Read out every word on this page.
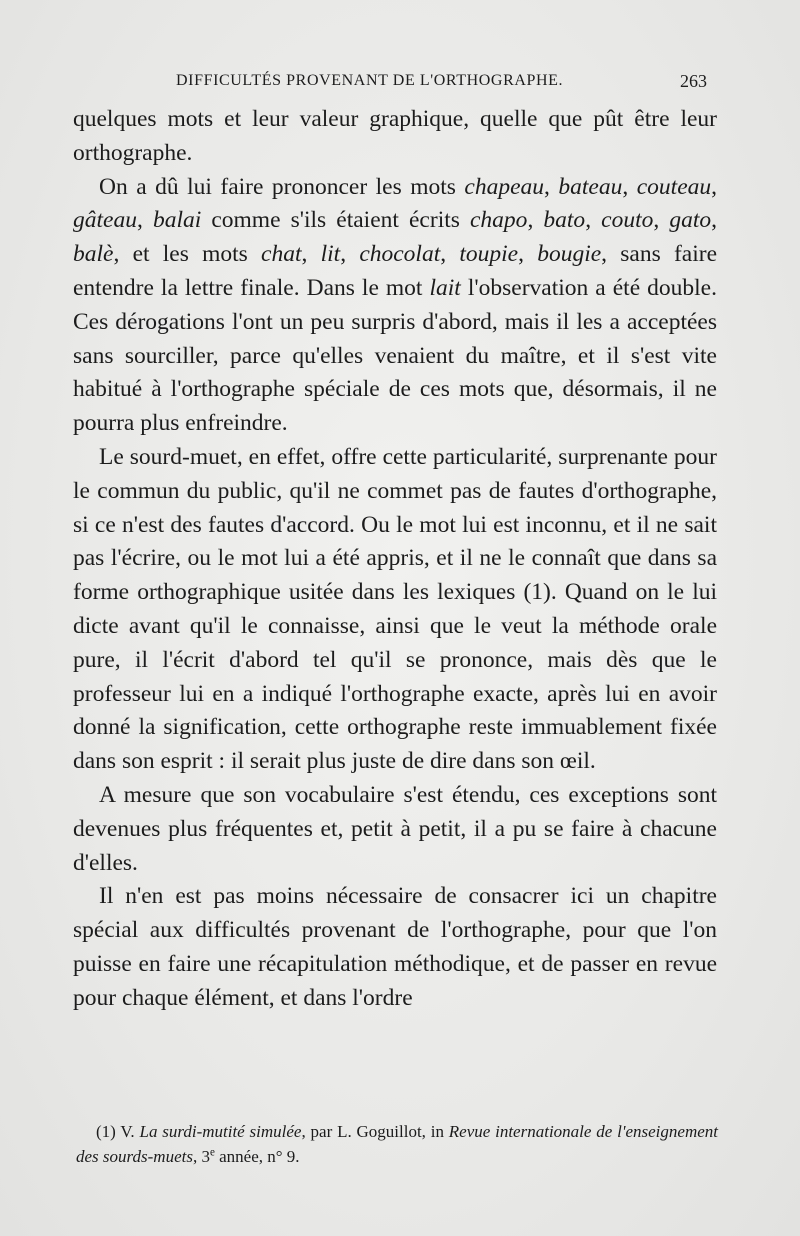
DIFFICULTÉS PROVENANT DE L'ORTHOGRAPHE.	263

quelques mots et leur valeur graphique, quelle que pût être leur orthographe.

On a dû lui faire prononcer les mots chapeau, bateau, couteau, gâteau, balai comme s'ils étaient écrits chapo, bato, couto, gato, balè, et les mots chat, lit, chocolat, toupie, bougie, sans faire entendre la lettre finale. Dans le mot lait l'observation a été double. Ces dérogations l'ont un peu surpris d'abord, mais il les a acceptées sans sourciller, parce qu'elles venaient du maître, et il s'est vite habitué à l'orthographe spéciale de ces mots que, désormais, il ne pourra plus enfreindre.

Le sourd-muet, en effet, offre cette particularité, surprenante pour le commun du public, qu'il ne commet pas de fautes d'orthographe, si ce n'est des fautes d'accord. Ou le mot lui est inconnu, et il ne sait pas l'écrire, ou le mot lui a été appris, et il ne le connaît que dans sa forme orthographique usitée dans les lexiques (1). Quand on le lui dicte avant qu'il le connaisse, ainsi que le veut la méthode orale pure, il l'écrit d'abord tel qu'il se prononce, mais dès que le professeur lui en a indiqué l'orthographe exacte, après lui en avoir donné la signification, cette orthographe reste immuablement fixée dans son esprit : il serait plus juste de dire dans son œil.

A mesure que son vocabulaire s'est étendu, ces exceptions sont devenues plus fréquentes et, petit à petit, il a pu se faire à chacune d'elles.

Il n'en est pas moins nécessaire de consacrer ici un chapitre spécial aux difficultés provenant de l'orthographe, pour que l'on puisse en faire une récapitulation méthodique, et de passer en revue pour chaque élément, et dans l'ordre

(1) V. La surdi-mutité simulée, par L. Goguillot, in Revue internationale de l'enseignement des sourds-muets, 3e année, n° 9.
